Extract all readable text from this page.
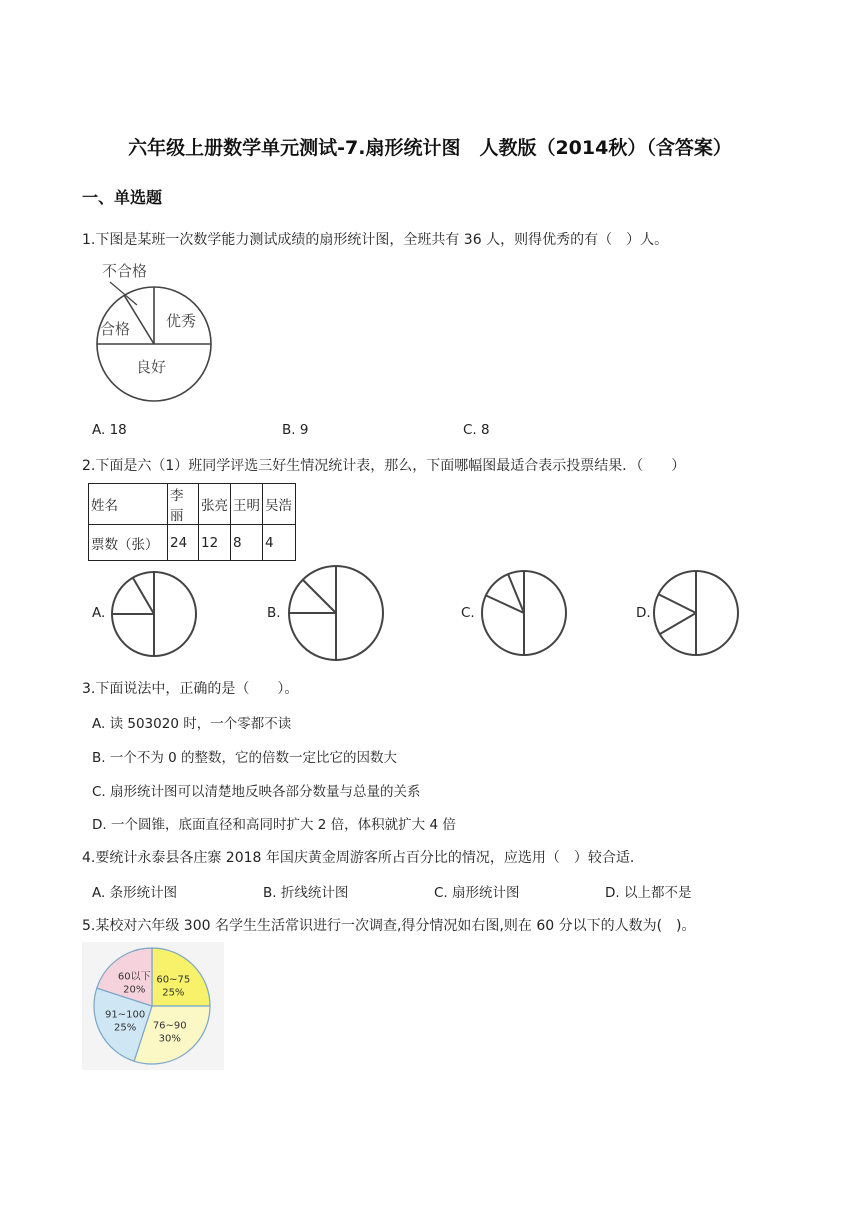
六年级上册数学单元测试-7.扇形统计图　人教版（2014秋）（含答案）
一、单选题
1.下图是某班一次数学能力测试成绩的扇形统计图，全班共有 36 人，则得优秀的有（　）人。
不合格
合格 优秀
良好
A. 18	B. 9	C. 8
2.下面是六（1）班同学评选三好生情况统计表，那么，下面哪幅图最适合表示投票结果．（　　）
姓名	李丽	张亮	王明	吴浩
票数（张）	24	12	8	4
A.	B.	C.	D.
3.下面说法中，正确的是（　　）。
A. 读 503020 时，一个零都不读
B. 一个不为 0 的整数，它的倍数一定比它的因数大
C. 扇形统计图可以清楚地反映各部分数量与总量的关系
D. 一个圆锥，底面直径和高同时扩大 2 倍，体积就扩大 4 倍
4.要统计永泰县各庄寨 2018 年国庆黄金周游客所占百分比的情况，应选用（　）较合适.
A. 条形统计图	B. 折线统计图	C. 扇形统计图	D. 以上都不是
5.某校对六年级 300 名学生生活常识进行一次调查,得分情况如右图,则在 60 分以下的人数为(　)。
60~75
25%
76~90
30%
91~100
25%
60以下
20%
